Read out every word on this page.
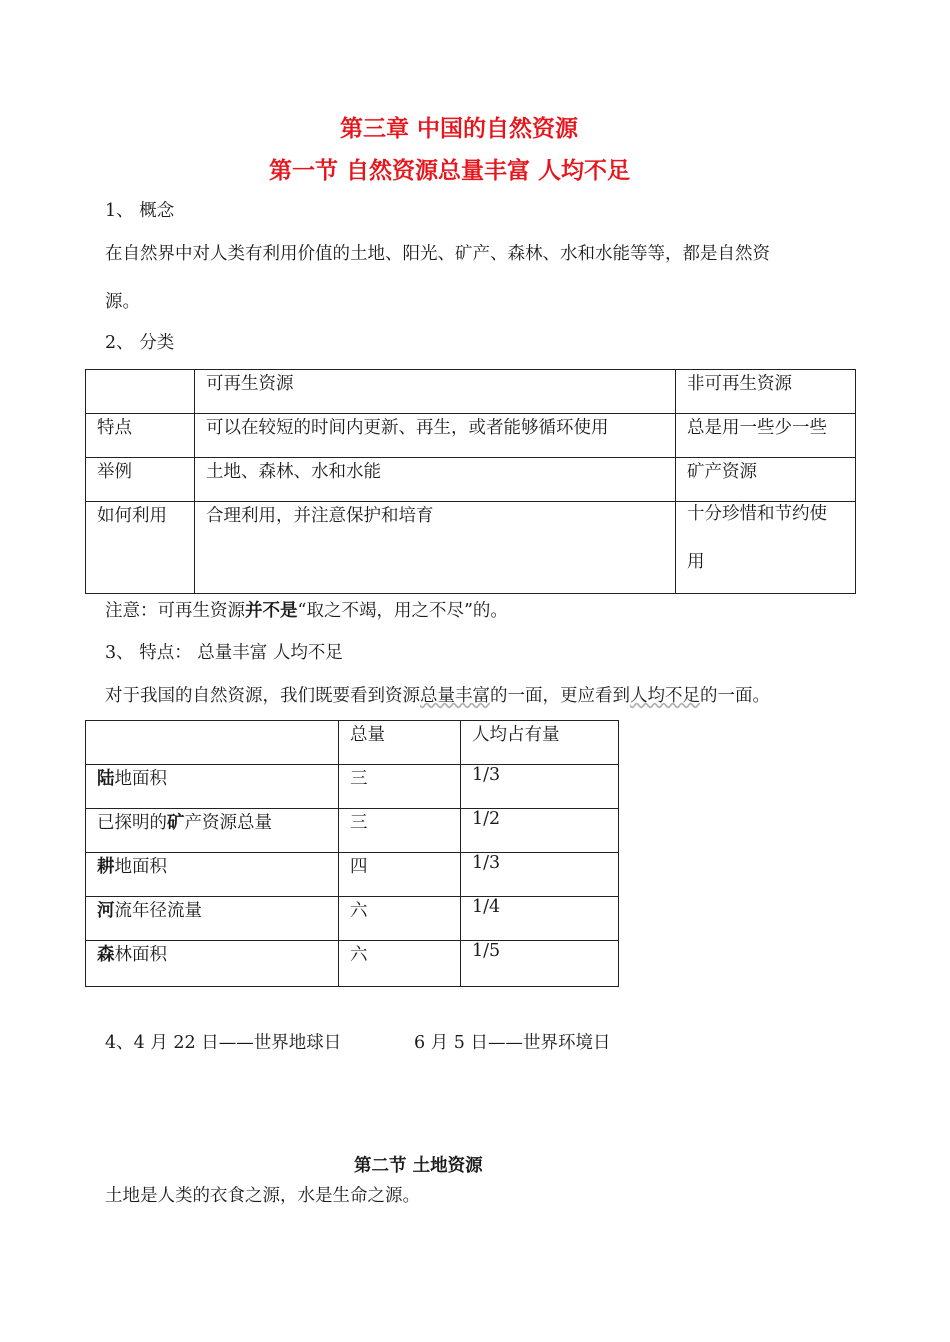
第三章 中国的自然资源
第一节 自然资源总量丰富 人均不足
1、 概念
在自然界中对人类有利用价值的土地、阳光、矿产、森林、水和水能等等，都是自然资
源。
2、 分类
	可再生资源	非可再生资源
特点	可以在较短的时间内更新、再生，或者能够循环使用	总是用一些少一些
举例	土地、森林、水和水能	矿产资源
如何利用	合理利用，并注意保护和培育	十分珍惜和节约使
用
注意：可再生资源并不是“取之不竭，用之不尽”的。
3、 特点： 总量丰富 人均不足
对于我国的自然资源，我们既要看到资源总量丰富的一面，更应看到人均不足的一面。
	总量	人均占有量
陆地面积	三	1/3
已探明的矿产资源总量	三	1/2
耕地面积	四	1/3
河流年径流量	六	1/4
森林面积	六	1/5
4、4 月 22 日——世界地球日	6 月 5 日——世界环境日
第二节 土地资源
土地是人类的衣食之源，水是生命之源。
